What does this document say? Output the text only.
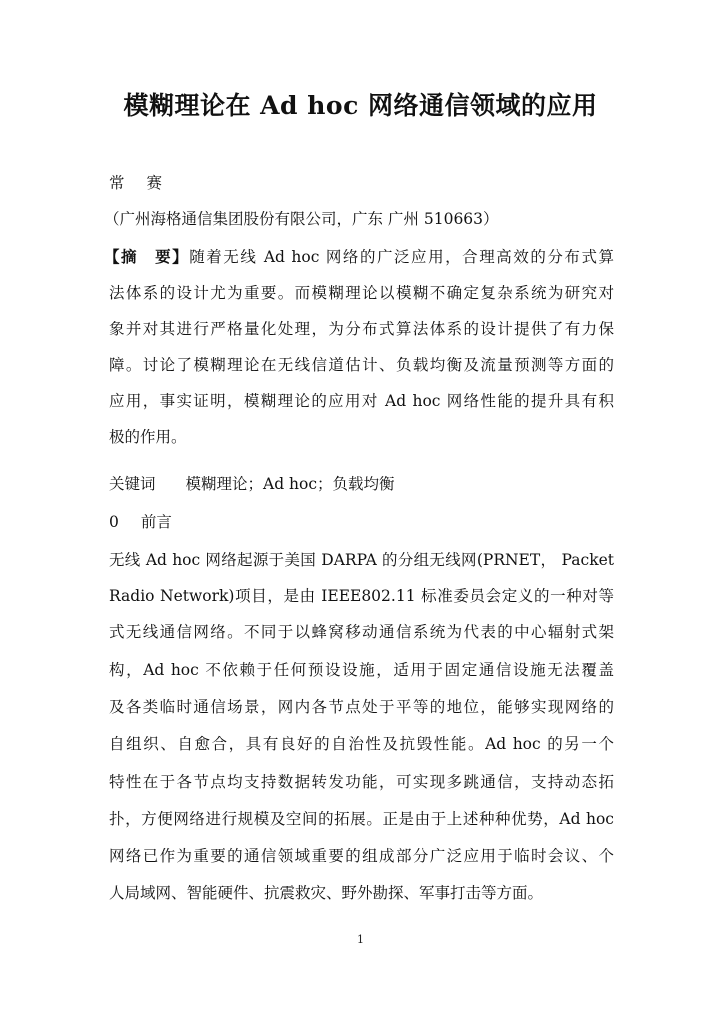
模糊理论在 Ad hoc 网络通信领域的应用
常 赛
（广州海格通信集团股份有限公司，广东 广州 510663）
【摘　要】随着无线 Ad hoc 网络的广泛应用，合理高效的分布式算
法体系的设计尤为重要。而模糊理论以模糊不确定复杂系统为研究对
象并对其进行严格量化处理，为分布式算法体系的设计提供了有力保
障。讨论了模糊理论在无线信道估计、负载均衡及流量预测等方面的
应用，事实证明，模糊理论的应用对 Ad hoc 网络性能的提升具有积
极的作用。
关键词 模糊理论；Ad hoc；负载均衡
0 前言
无线 Ad hoc 网络起源于美国 DARPA 的分组无线网(PRNET， Packet
Radio Network)项目，是由 IEEE802.11 标准委员会定义的一种对等
式无线通信网络。不同于以蜂窝移动通信系统为代表的中心辐射式架
构，Ad hoc 不依赖于任何预设设施，适用于固定通信设施无法覆盖
及各类临时通信场景，网内各节点处于平等的地位，能够实现网络的
自组织、自愈合，具有良好的自治性及抗毁性能。Ad hoc 的另一个
特性在于各节点均支持数据转发功能，可实现多跳通信，支持动态拓
扑，方便网络进行规模及空间的拓展。正是由于上述种种优势，Ad hoc
网络已作为重要的通信领域重要的组成部分广泛应用于临时会议、个
人局域网、智能硬件、抗震救灾、野外勘探、军事打击等方面。
1
